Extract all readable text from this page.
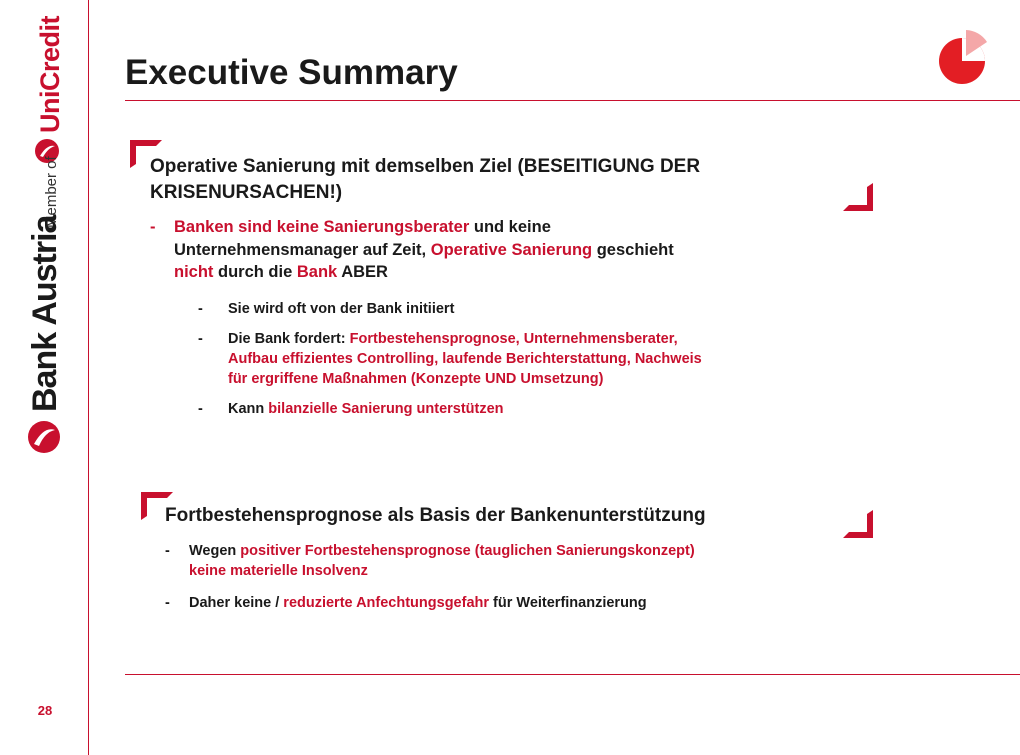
UniCredit
Member of
Bank Austria
28
Executive Summary
Operative Sanierung mit demselben Ziel (BESEITIGUNG DER
KRISENURSACHEN!)
-	Banken sind keine Sanierungsberater und keine
Unternehmensmanager auf Zeit, Operative Sanierung geschieht
nicht durch die Bank ABER
-	Sie wird oft von der Bank initiiert
-	Die Bank fordert: Fortbestehensprognose, Unternehmensberater,
Aufbau effizientes Controlling, laufende Berichterstattung, Nachweis
für ergriffene Maßnahmen (Konzepte UND Umsetzung)
-	Kann bilanzielle Sanierung unterstützen
Fortbestehensprognose als Basis der Bankenunterstützung
-	Wegen positiver Fortbestehensprognose (tauglichen Sanierungskonzept)
keine materielle Insolvenz
-	Daher keine / reduzierte Anfechtungsgefahr für Weiterfinanzierung
